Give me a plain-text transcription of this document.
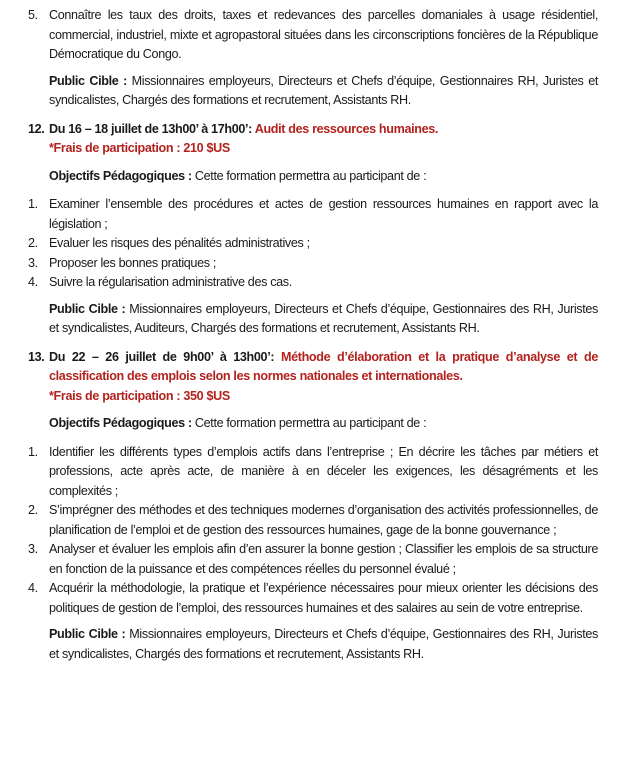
5. Connaître les taux des droits, taxes et redevances des parcelles domaniales à usage résidentiel, commercial, industriel, mixte et agropastoral situées dans les circonscriptions foncières de la République Démocratique du Congo.
Public Cible : Missionnaires employeurs, Directeurs et Chefs d’équipe, Gestionnaires RH, Juristes et syndicalistes, Chargés des formations et recrutement, Assistants RH.
12. Du 16 – 18 juillet de 13h00’ à 17h00’: Audit des ressources humaines.
*Frais de participation : 210 $US
Objectifs Pédagogiques : Cette formation permettra au participant de :
1. Examiner l’ensemble des procédures et actes de gestion ressources humaines en rapport avec la législation ;
2. Evaluer les risques des pénalités administratives ;
3. Proposer les bonnes pratiques ;
4. Suivre la régularisation administrative des cas.
Public Cible : Missionnaires employeurs, Directeurs et Chefs d’équipe, Gestionnaires des RH, Juristes et syndicalistes, Auditeurs, Chargés des formations et recrutement, Assistants RH.
13. Du 22 – 26 juillet de 9h00’ à 13h00’: Méthode d’élaboration et la pratique d’analyse et de classification des emplois selon les normes nationales et internationales.
*Frais de participation : 350 $US
Objectifs Pédagogiques : Cette formation permettra au participant de :
1. Identifier les différents types d’emplois actifs dans l’entreprise ; En décrire les tâches par métiers et professions, acte après acte, de manière à en déceler les exigences, les désagréments et les complexités ;
2. S’imprégner des méthodes et des techniques modernes d’organisation des activités professionnelles, de planification de l’emploi et de gestion des ressources humaines, gage de la bonne gouvernance ;
3. Analyser et évaluer les emplois afin d’en assurer la bonne gestion ; Classifier les emplois de sa structure en fonction de la puissance et des compétences réelles du personnel évalué ;
4. Acquérir la méthodologie, la pratique et l’expérience nécessaires pour mieux orienter les décisions des politiques de gestion de l’emploi, des ressources humaines et des salaires au sein de votre entreprise.
Public Cible : Missionnaires employeurs, Directeurs et Chefs d’équipe, Gestionnaires des RH, Juristes et syndicalistes, Chargés des formations et recrutement, Assistants RH.
